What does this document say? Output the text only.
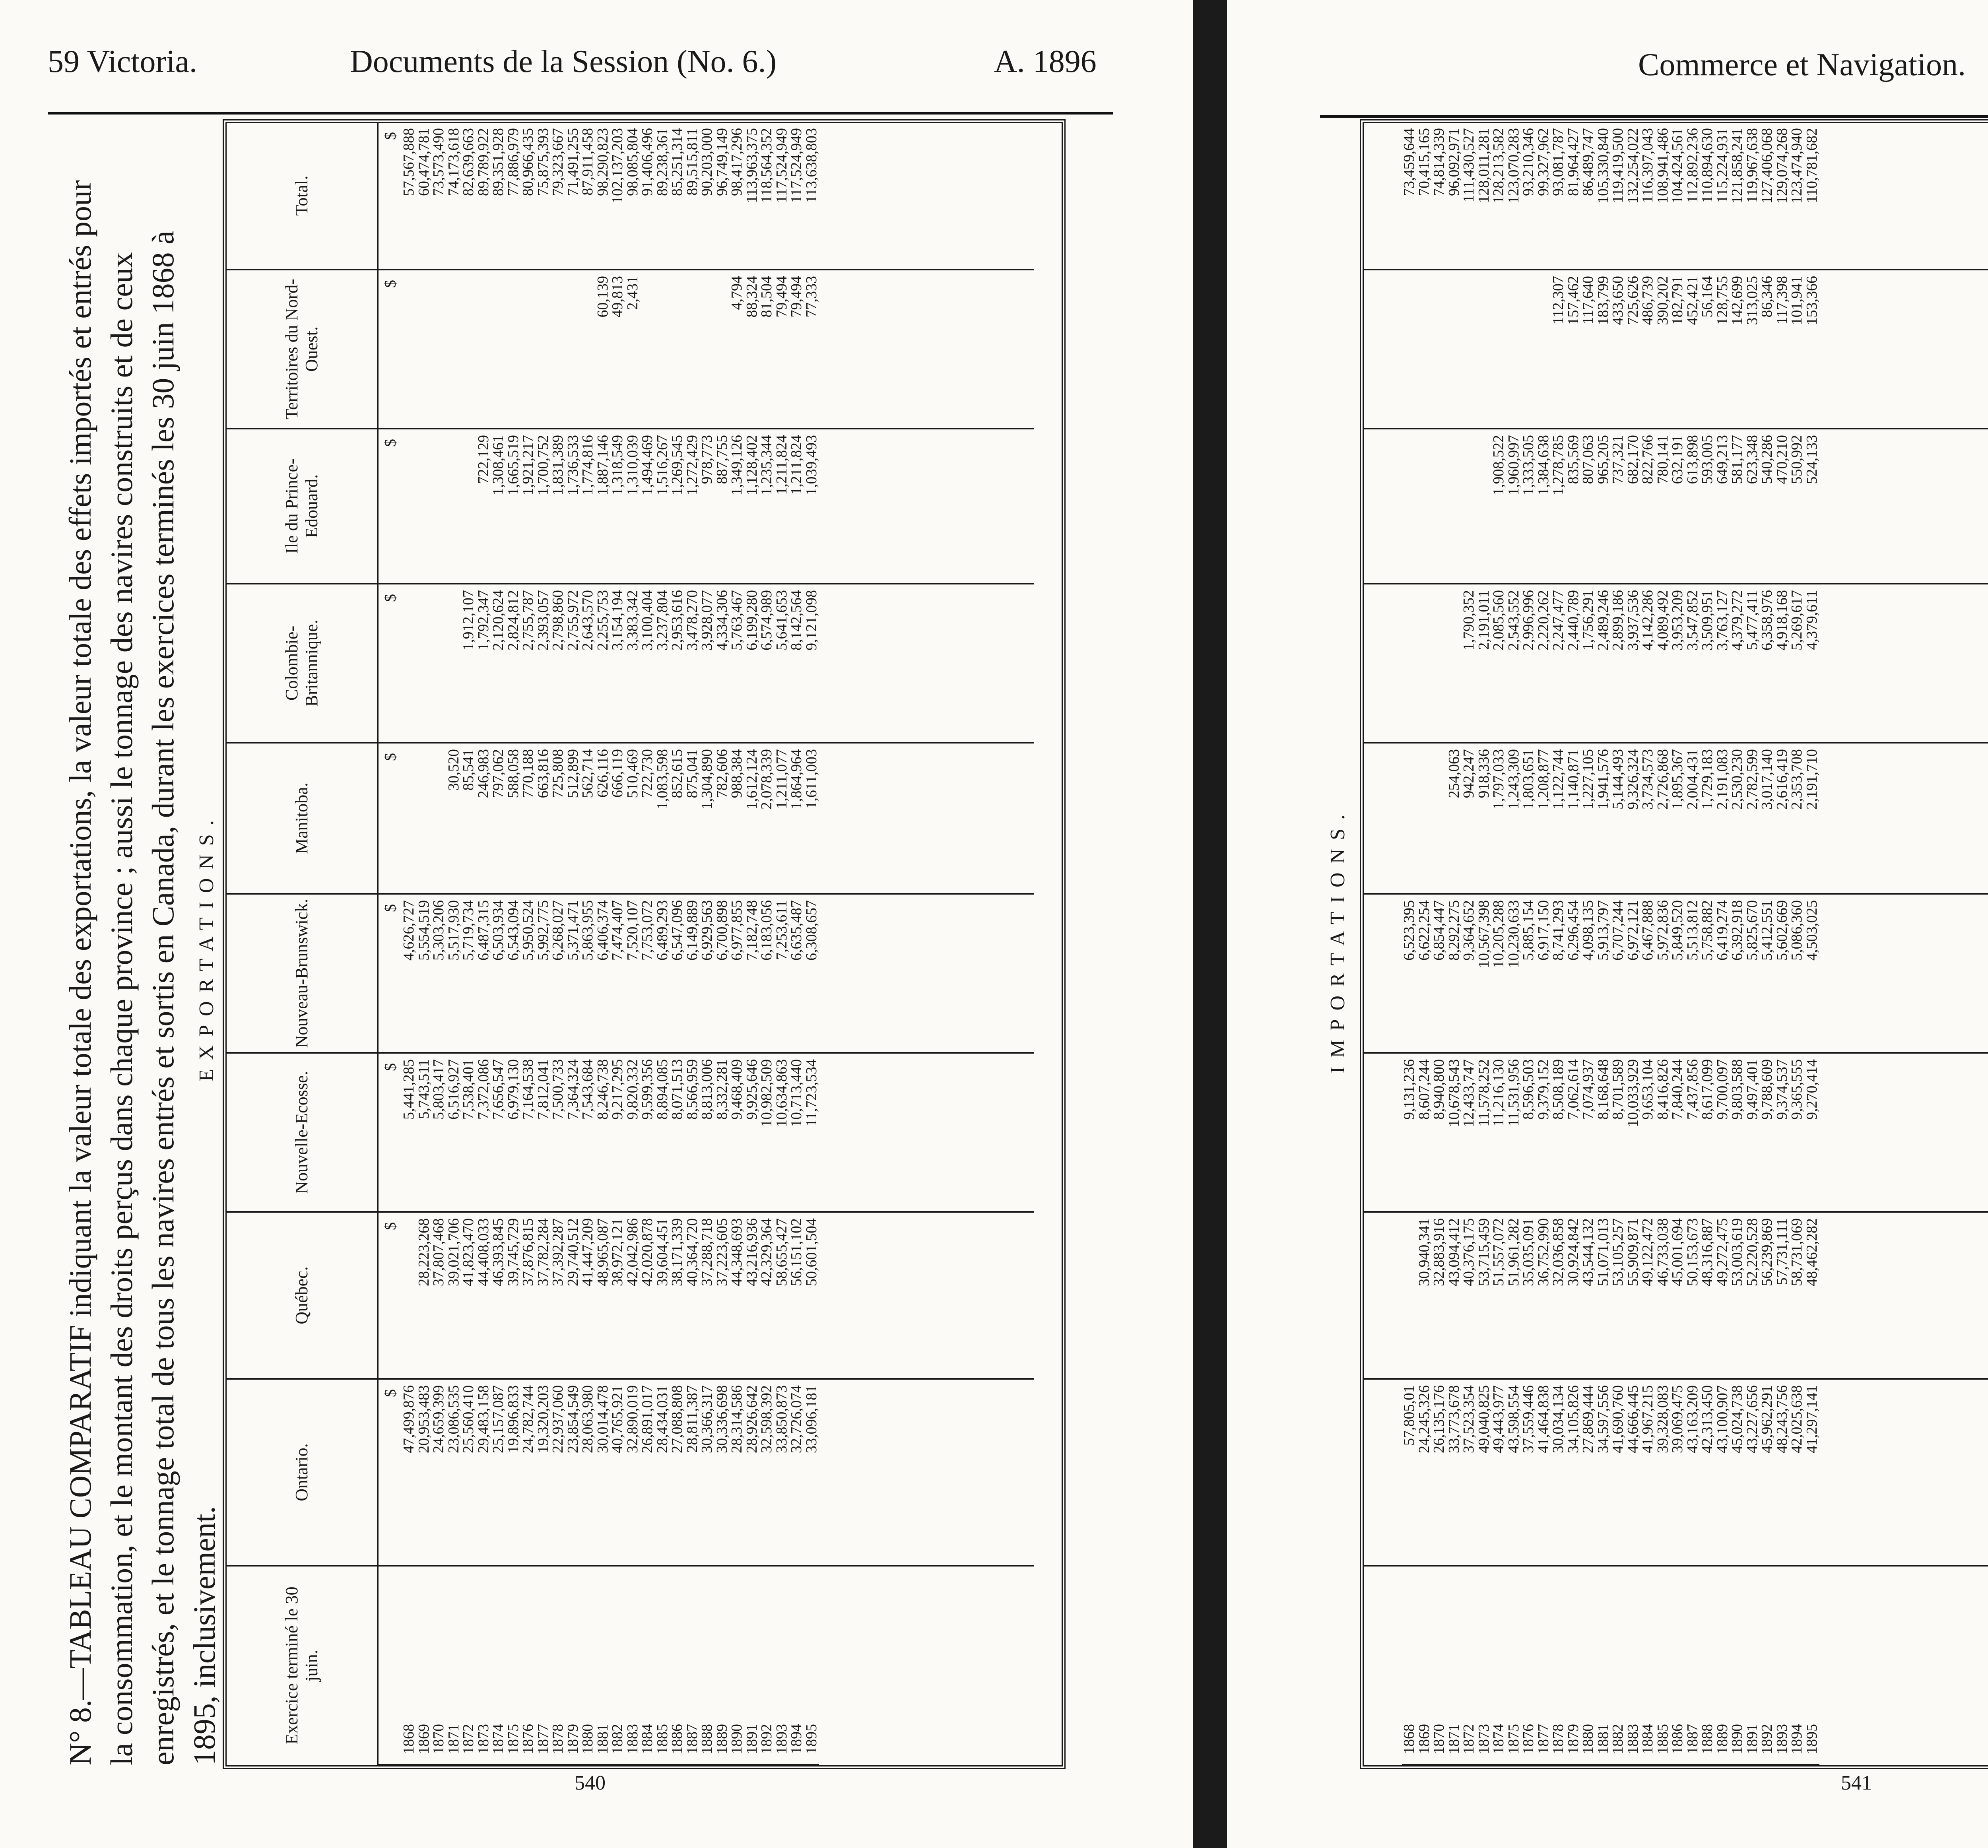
59 Victoria.	Documents de la Session (No. 6.)	A. 1896

N° 8.—TABLEAU COMPARATIF indiquant la valeur totale des exportations, la valeur totale des effets importés et entrés pour la consommation, et le montant des droits perçus dans chaque province ; aussi le tonnage des navires construits et de ceux enregistrés, et le tonnage total de tous les navires entrés et sortis en Canada, durant les exercices terminés les 30 juin 1868 à 1895, inclusivement.

EXPORTATIONS.
Exercice terminé le 30 juin.	Ontario.	Québec.	Nouvelle-Ecosse.	Nouveau-Brunswick.	Manitoba.	Colombie-Britannique.	Ile du Prince-Edouard.	Territoires du Nord-Ouest.	Total.
	$	$	$	$	$	$	$	$	$
1868	47,499,876		5,441,285	4,626,727					57,567,888
1869	20,953,483	28,223,268	5,743,511	5,554,519					60,474,781
1870	24,659,399	37,807,468	5,803,417	5,303,206					73,573,490
1871	23,086,535	39,021,706	6,516,927	5,517,930	30,520				74,173,618
1872	25,560,410	41,823,470	7,538,401	5,719,734	85,541	1,912,107			82,639,663
1873	29,483,158	44,408,033	7,372,086	6,487,315	246,983	1,792,347	722,129		89,789,922
1874	25,157,087	46,393,845	7,656,547	6,503,934	797,062	2,120,624	1,308,461		89,351,928
1875	19,896,833	39,745,729	6,979,130	6,543,094	588,058	2,824,812	1,665,519		77,886,979
1876	24,782,744	37,876,815	7,164,538	5,950,524	770,188	2,755,787	1,921,217		80,966,435
1877	19,320,203	37,782,284	7,812,041	5,992,775	663,816	2,393,057	1,700,752		75,875,393
1878	22,937,060	37,392,287	7,500,733	6,268,027	725,808	2,798,860	1,831,389		79,323,667
1879	23,854,549	29,740,512	7,364,324	5,371,471	512,899	2,755,972	1,736,533		71,491,255
1880	28,063,980	41,447,209	7,543,684	5,863,955	562,714	2,643,570	1,774,816		87,911,458
1881	30,014,478	48,965,087	8,246,738	6,406,374	626,116	2,255,753	1,887,146	60,139	98,290,823
1882	40,765,921	38,972,121	9,217,295	7,474,407	666,119	3,154,194	1,318,549	49,813	102,137,203
1883	32,890,019	42,042,986	9,820,332	7,520,107	510,469	3,383,342	1,310,039	2,431	98,085,804
1884	26,891,017	42,020,878	9,599,356	7,753,072	722,730	3,100,404	1,494,469		91,406,496
1885	28,434,031	39,604,451	8,894,085	6,489,293	1,083,598	3,237,804	1,516,267		89,238,361
1886	27,088,808	38,171,339	8,071,513	6,547,096	852,615	2,953,616	1,269,545		85,251,314
1887	28,811,387	40,364,720	8,566,959	6,149,889	875,041	3,478,270	1,272,429		89,515,811
1888	30,366,317	37,288,718	8,813,006	6,929,563	1,304,890	3,928,077	978,773		90,203,000
1889	30,336,698	37,223,605	8,332,281	6,700,898	782,606	4,334,306	887,755		96,749,149
1890	28,314,586	44,348,693	9,468,409	6,977,855	988,384	5,763,467	1,349,126	4,794	98,417,296
1891	28,926,642	43,216,936	9,925,646	7,182,748	1,612,124	6,199,280	1,128,402	88,324	113,963,375
1892	32,598,392	42,329,364	10,982,509	6,183,056	2,078,339	6,574,989	1,235,344	81,504	118,564,352
1893	33,850,873	58,655,427	10,634,863	7,253,611	1,211,077	5,641,653	1,211,824	79,494	117,524,949
1894	32,726,074	56,151,102	10,713,440	6,635,487	1,864,964	8,142,564	1,211,824	79,494	117,524,949
1895	33,096,181	50,601,504	11,723,534	6,308,657	1,611,003	9,121,098	1,039,493	77,333	113,638,803

540
Commerce et Navigation.
IMPORTATIONS.

1868	57,805,01		9,131,236	6,523,395					73,459,644
1869	24,245,326	30,940,341	8,607,244	6,622,254					70,415,165
1870	26,135,176	32,883,916	8,940,800	6,854,447					74,814,339
1871	33,773,678	43,094,412	10,678,543	8,292,275	254,063				96,092,971
1872	37,523,354	40,376,175	12,433,747	9,364,652	942,247	1,790,352			111,430,527
1873	49,040,825	53,715,459	11,578,252	10,567,398	918,336	2,191,011			128,011,281
1874	49,443,977	51,557,072	11,216,130	10,205,288	1,797,033	2,085,560	1,908,522		128,213,582
1875	43,598,554	51,961,282	11,531,956	10,230,633	1,243,309	2,543,552	1,960,997		123,070,283
1876	37,559,446	35,035,091	8,596,503	5,885,154	1,803,651	2,996,996	1,333,505		93,210,346
1877	41,464,838	36,752,990	9,379,152	6,917,150	1,208,877	2,220,262	1,384,638		99,327,962
1878	30,034,134	32,036,858	8,508,189	8,741,293	1,122,744	2,247,477	1,278,785	112,307	93,081,787
1879	34,105,826	30,924,842	7,062,614	6,296,454	1,140,871	2,440,789	835,569	157,462	81,964,427
1880	27,869,444	43,544,132	7,074,937	4,098,135	1,227,105	1,756,291	807,063	117,640	86,489,747
1881	34,597,556	51,071,013	8,168,648	5,913,797	1,941,576	2,489,246	965,205	183,799	105,330,840
1882	41,690,760	53,105,257	8,701,589	6,707,244	5,144,493	2,899,186	737,321	433,650	119,419,500
1883	44,666,445	55,909,871	10,033,929	6,972,121	9,326,324	3,937,536	682,170	725,626	132,254,022
1884	41,967,215	49,122,472	9,653,104	6,467,888	3,734,573	4,142,286	822,766	486,739	116,397,043
1885	39,328,083	46,733,038	8,416,826	5,972,836	2,726,868	4,089,492	780,141	390,202	108,941,486
1886	39,069,475	45,001,694	7,840,244	5,849,520	1,895,367	3,953,209	632,191	182,791	104,424,561
1887	43,163,209	50,153,673	7,437,856	5,513,812	2,004,431	3,547,852	613,898	452,421	112,892,236
1888	42,313,450	48,316,887	8,617,099	5,758,882	1,729,183	3,509,951	593,005	56,164	110,894,630
1889	43,100,907	49,272,475	9,700,097	6,419,274	2,191,083	3,763,127	649,213	128,755	115,224,931
1890	45,024,738	53,003,619	9,803,588	6,392,918	2,530,230	4,379,272	581,177	142,699	121,858,241
1891	43,227,656	52,220,528	9,497,401	5,825,670	2,782,599	5,477,411	623,348	313,025	119,967,638
1892	45,962,291	56,239,869	9,788,609	5,412,551	3,017,140	6,358,976	540,286	86,346	127,406,068
1893	48,243,756	57,731,111	9,374,537	5,602,669	2,616,419	4,918,168	470,210	117,398	129,074,268
1894	42,025,638	58,731,069	9,365,555	5,086,360	2,353,708	5,269,617	550,992	101,941	123,474,940
1895	41,297,141	48,462,282	9,270,414	4,503,025	2,191,710	4,379,611	524,133	153,366	110,781,682

541
